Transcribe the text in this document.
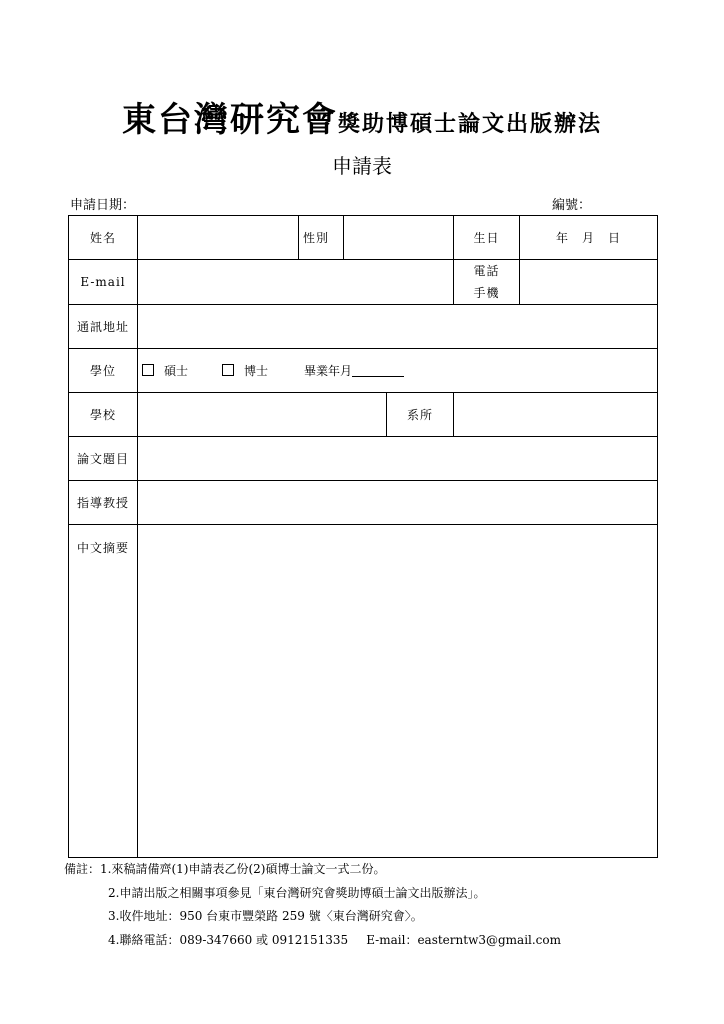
東台灣研究會獎助博碩士論文出版辦法
申請表
申請日期：	編號：
姓名		性別			生日	年　月　日
E-mail					電話
手機	

通訊地址						
學位	碩士 博士 畢業年月					
學校				系所		
論文題目						
指導教授						
中文摘要						
備註：1.來稿請備齊(1)申請表乙份(2)碩博士論文一式二份。
2.申請出版之相關事項參見「東台灣研究會獎助博碩士論文出版辦法」。
3.收件地址：950 台東市豐榮路 259 號〈東台灣研究會〉。
4.聯絡電話：089-347660 或 0912151335 E-mail：easterntw3@gmail.com
